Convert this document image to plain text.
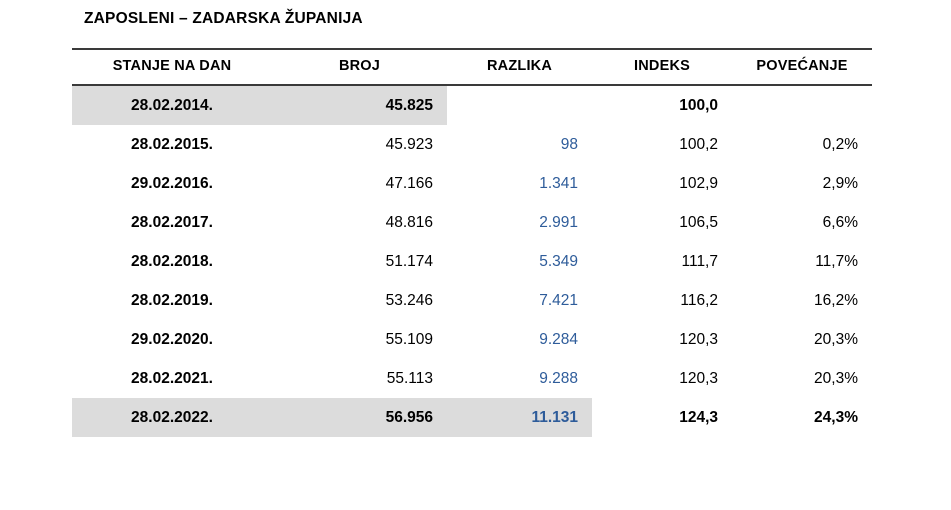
ZAPOSLENI – ZADARSKA ŽUPANIJA
STANJE NA DAN	BROJ	RAZLIKA	INDEKS	POVEĆANJE
28.02.2014.	45.825		100,0	
28.02.2015.	45.923	98	100,2	0,2%
29.02.2016.	47.166	1.341	102,9	2,9%
28.02.2017.	48.816	2.991	106,5	6,6%
28.02.2018.	51.174	5.349	111,7	11,7%
28.02.2019.	53.246	7.421	116,2	16,2%
29.02.2020.	55.109	9.284	120,3	20,3%
28.02.2021.	55.113	9.288	120,3	20,3%
28.02.2022.	56.956	11.131	124,3	24,3%
